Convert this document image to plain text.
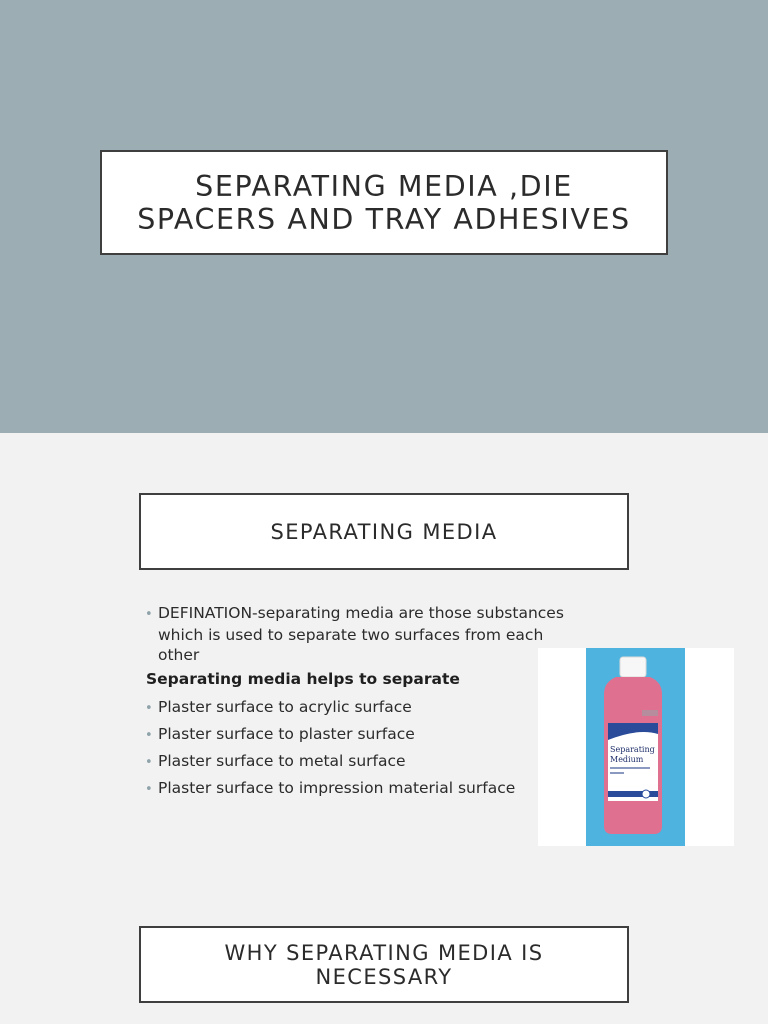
SEPARATING MEDIA ,DIE
SPACERS AND TRAY ADHESIVES
SEPARATING MEDIA
• DEFINATION-separating media are those substances
which is used to separate two surfaces from each
other
Separating media helps to separate
• Plaster surface to acrylic surface
• Plaster surface to plaster surface
• Plaster surface to metal surface
• Plaster surface to impression material surface
Separating
Medium
WHY SEPARATING MEDIA IS
NECESSARY
